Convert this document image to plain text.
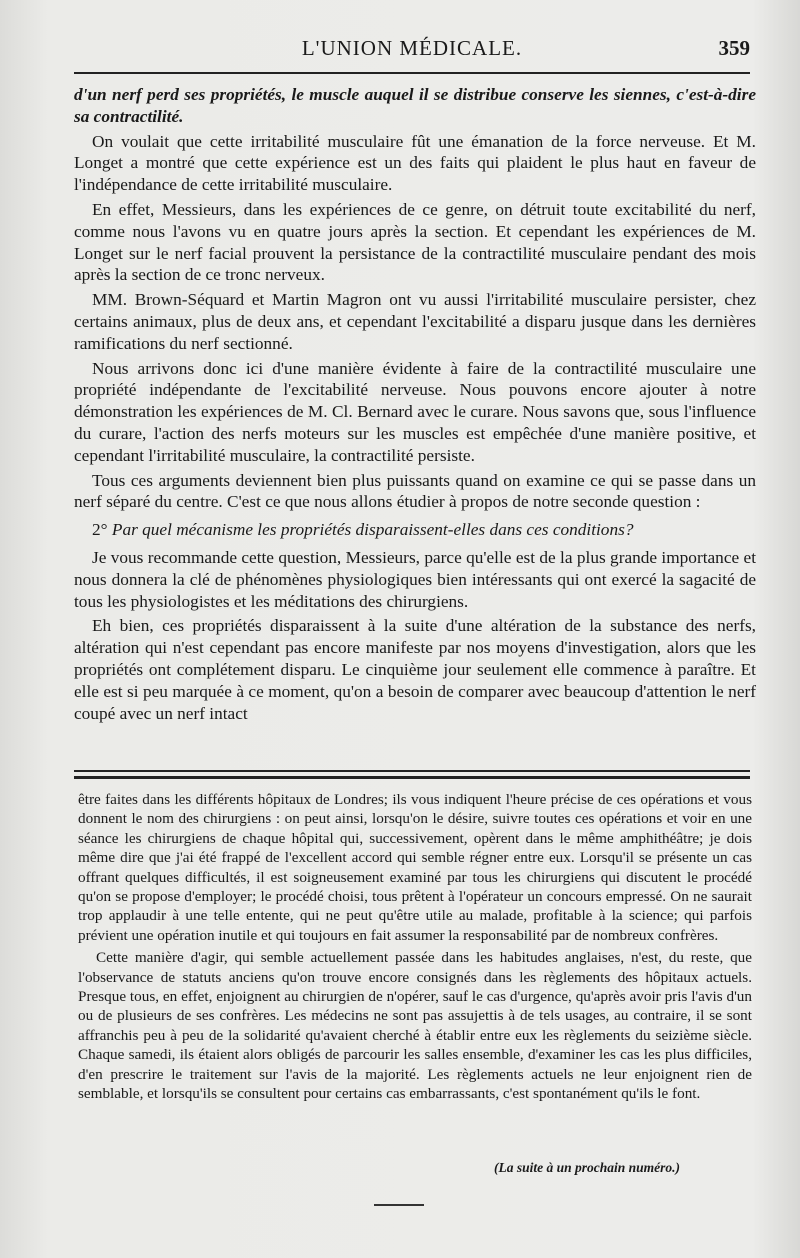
L'UNION MÉDICALE.	359

d'un nerf perd ses propriétés, le muscle auquel il se distribue conserve les siennes, c'est-à-dire sa contractilité.

On voulait que cette irritabilité musculaire fût une émanation de la force nerveuse. Et M. Longet a montré que cette expérience est un des faits qui plaident le plus haut en faveur de l'indépendance de cette irritabilité musculaire.

En effet, Messieurs, dans les expériences de ce genre, on détruit toute excitabilité du nerf, comme nous l'avons vu en quatre jours après la section. Et cependant les expériences de M. Longet sur le nerf facial prouvent la persistance de la contractilité musculaire pendant des mois après la section de ce tronc nerveux.

MM. Brown-Séquard et Martin Magron ont vu aussi l'irritabilité musculaire persister, chez certains animaux, plus de deux ans, et cependant l'excitabilité a disparu jusque dans les dernières ramifications du nerf sectionné.

Nous arrivons donc ici d'une manière évidente à faire de la contractilité musculaire une propriété indépendante de l'excitabilité nerveuse. Nous pouvons encore ajouter à notre démonstration les expériences de M. Cl. Bernard avec le curare. Nous savons que, sous l'influence du curare, l'action des nerfs moteurs sur les muscles est empêchée d'une manière positive, et cependant l'irritabilité musculaire, la contractilité persiste.

Tous ces arguments deviennent bien plus puissants quand on examine ce qui se passe dans un nerf séparé du centre. C'est ce que nous allons étudier à propos de notre seconde question :

2° Par quel mécanisme les propriétés disparaissent-elles dans ces conditions?

Je vous recommande cette question, Messieurs, parce qu'elle est de la plus grande importance et nous donnera la clé de phénomènes physiologiques bien intéressants qui ont exercé la sagacité de tous les physiologistes et les méditations des chirurgiens.

Eh bien, ces propriétés disparaissent à la suite d'une altération de la substance des nerfs, altération qui n'est cependant pas encore manifeste par nos moyens d'investigation, alors que les propriétés ont complétement disparu. Le cinquième jour seulement elle commence à paraître. Et elle est si peu marquée à ce moment, qu'on a besoin de comparer avec beaucoup d'attention le nerf coupé avec un nerf intact

être faites dans les différents hôpitaux de Londres; ils vous indiquent l'heure précise de ces opérations et vous donnent le nom des chirurgiens : on peut ainsi, lorsqu'on le désire, suivre toutes ces opérations et voir en une séance les chirurgiens de chaque hôpital qui, successivement, opèrent dans le même amphithéâtre; je dois même dire que j'ai été frappé de l'excellent accord qui semble régner entre eux. Lorsqu'il se présente un cas offrant quelques difficultés, il est soigneusement examiné par tous les chirurgiens qui discutent le procédé qu'on se propose d'employer; le procédé choisi, tous prêtent à l'opérateur un concours empressé. On ne saurait trop applaudir à une telle entente, qui ne peut qu'être utile au malade, profitable à la science; qui parfois prévient une opération inutile et qui toujours en fait assumer la responsabilité par de nombreux confrères.

Cette manière d'agir, qui semble actuellement passée dans les habitudes anglaises, n'est, du reste, que l'observance de statuts anciens qu'on trouve encore consignés dans les règlements des hôpitaux actuels. Presque tous, en effet, enjoignent au chirurgien de n'opérer, sauf le cas d'urgence, qu'après avoir pris l'avis d'un ou de plusieurs de ses confrères. Les médecins ne sont pas assujettis à de tels usages, au contraire, il se sont affranchis peu à peu de la solidarité qu'avaient cherché à établir entre eux les règlements du seizième siècle. Chaque samedi, ils étaient alors obligés de parcourir les salles ensemble, d'examiner les cas les plus difficiles, d'en prescrire le traitement sur l'avis de la majorité. Les règlements actuels ne leur enjoignent rien de semblable, et lorsqu'ils se consultent pour certains cas embarrassants, c'est spontanément qu'ils le font.

(La suite à un prochain numéro.)
